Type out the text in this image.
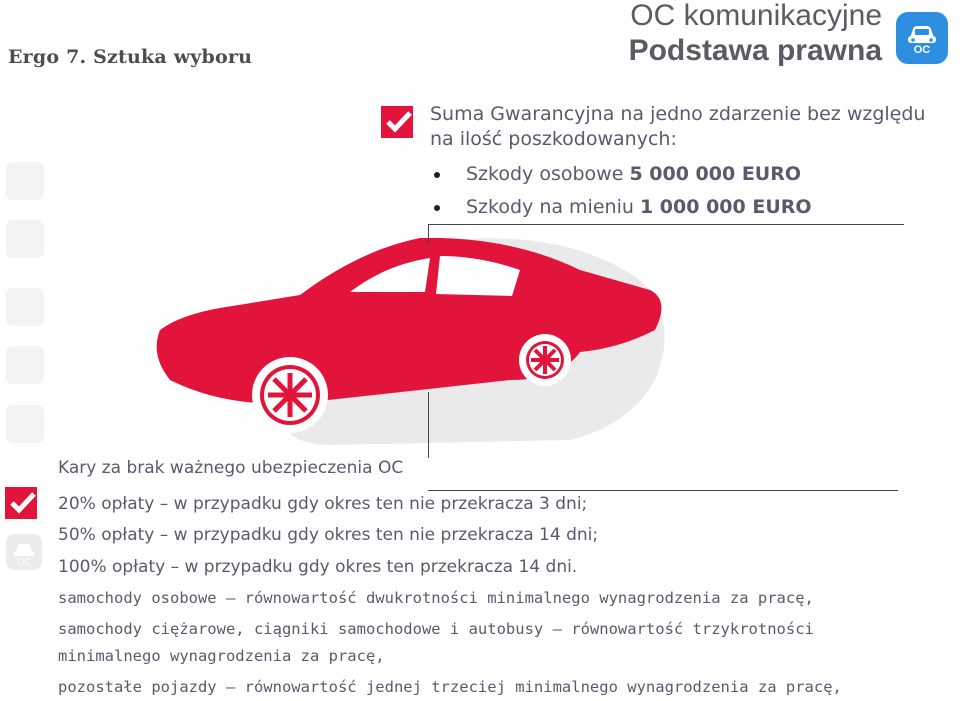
Ergo 7. Sztuka wyboru
OC komunikacyjne
Podstawa prawna	OC
Suma Gwarancyjna na jedno zdarzenie bez względu na ilość poszkodowanych:
Szkody osobowe 5 000 000 EURO
Szkody na mieniu 1 000 000 EURO
OC
Kary za brak ważnego ubezpieczenia OC
20% opłaty – w przypadku gdy okres ten nie przekracza 3 dni;
50% opłaty – w przypadku gdy okres ten nie przekracza 14 dni;
100% opłaty – w przypadku gdy okres ten przekracza 14 dni.
samochody osobowe – równowartość dwukrotności minimalnego wynagrodzenia za pracę,
samochody ciężarowe, ciągniki samochodowe i autobusy – równowartość trzykrotności
minimalnego wynagrodzenia za pracę,
pozostałe pojazdy – równowartość jednej trzeciej minimalnego wynagrodzenia za pracę,
